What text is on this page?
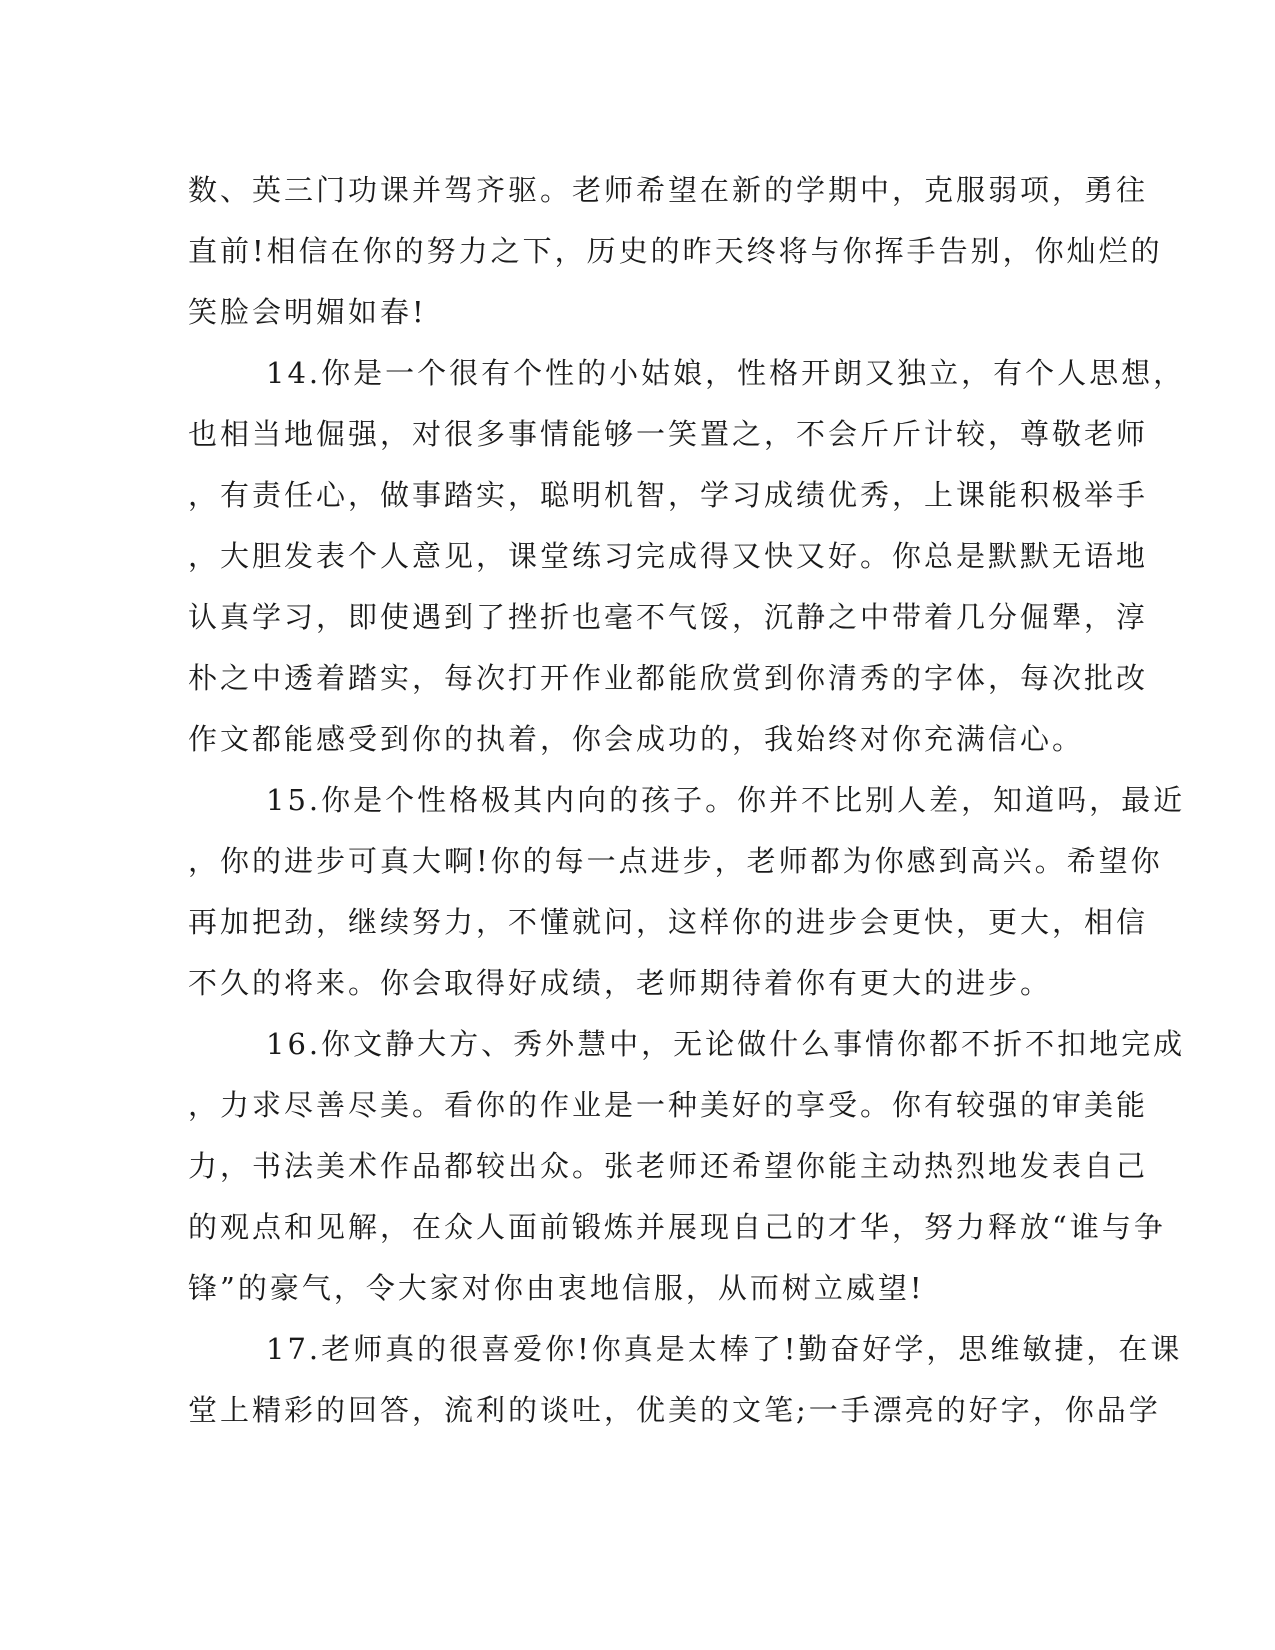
数、英三门功课并驾齐驱。老师希望在新的学期中，克服弱项，勇往
直前!相信在你的努力之下，历史的昨天终将与你挥手告别，你灿烂的
笑脸会明媚如春!
14.你是一个很有个性的小姑娘，性格开朗又独立，有个人思想，
也相当地倔强，对很多事情能够一笑置之，不会斤斤计较，尊敬老师
，有责任心，做事踏实，聪明机智，学习成绩优秀，上课能积极举手
，大胆发表个人意见，课堂练习完成得又快又好。你总是默默无语地
认真学习，即使遇到了挫折也毫不气馁，沉静之中带着几分倔犟，淳
朴之中透着踏实，每次打开作业都能欣赏到你清秀的字体，每次批改
作文都能感受到你的执着，你会成功的，我始终对你充满信心。
15.你是个性格极其内向的孩子。你并不比别人差，知道吗，最近
，你的进步可真大啊!你的每一点进步，老师都为你感到高兴。希望你
再加把劲，继续努力，不懂就问，这样你的进步会更快，更大，相信
不久的将来。你会取得好成绩，老师期待着你有更大的进步。
16.你文静大方、秀外慧中，无论做什么事情你都不折不扣地完成
，力求尽善尽美。看你的作业是一种美好的享受。你有较强的审美能
力，书法美术作品都较出众。张老师还希望你能主动热烈地发表自己
的观点和见解，在众人面前锻炼并展现自己的才华，努力释放“谁与争
锋”的豪气，令大家对你由衷地信服，从而树立威望!
17.老师真的很喜爱你!你真是太棒了!勤奋好学，思维敏捷，在课
堂上精彩的回答，流利的谈吐，优美的文笔;一手漂亮的好字，你品学
